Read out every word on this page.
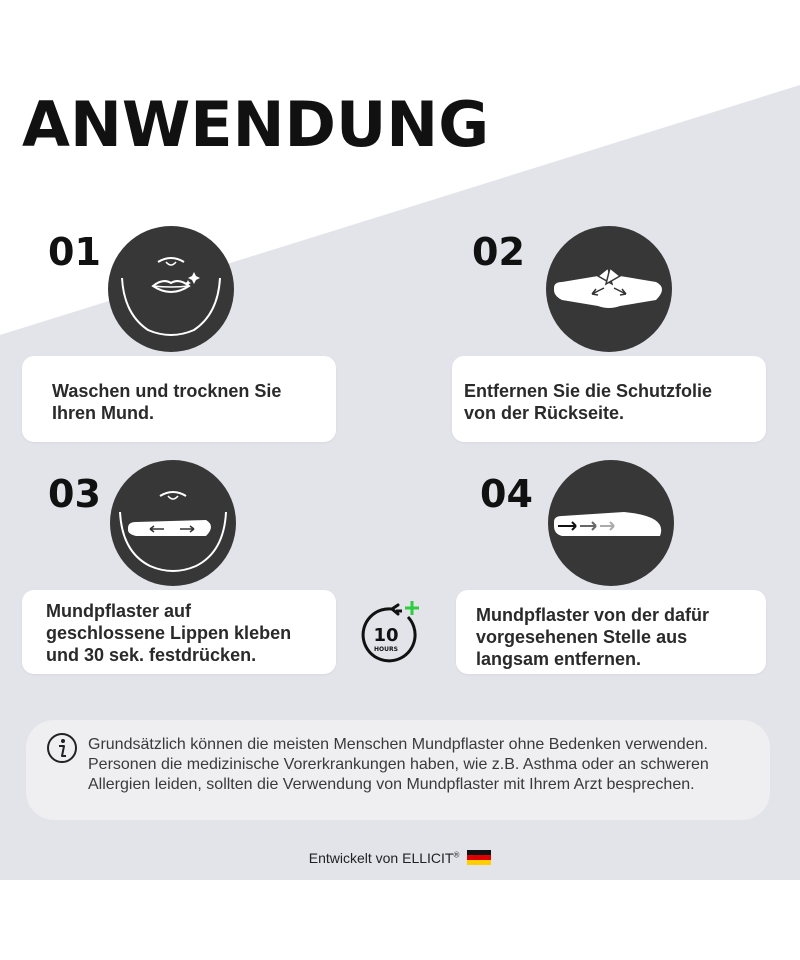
ANWENDUNG
01
Waschen und trocknen Sie
Ihren Mund.
02
Entfernen Sie die Schutzfolie
von der Rückseite.
03
Mundpflaster auf
geschlossene Lippen kleben
und 30 sek. festdrücken.
10
HOURS
04
Mundpflaster von der dafür
vorgesehenen Stelle aus
langsam entfernen.
Grundsätzlich können die meisten Menschen Mundpflaster ohne Bedenken verwenden. Personen die medizinische Vorerkrankungen haben, wie z.B. Asthma oder an schweren Allergien leiden, sollten die Verwendung von Mundpflaster mit Ihrem Arzt besprechen.
Entwickelt von ELLICIT®
